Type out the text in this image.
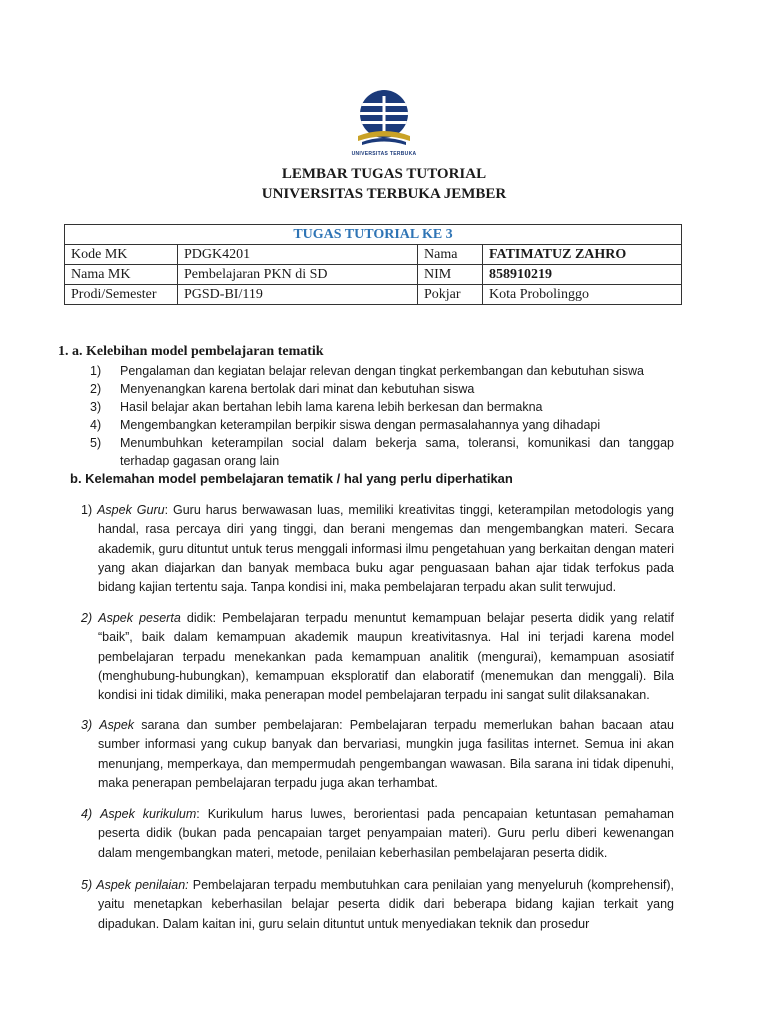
UNIVERSITAS TERBUKA
LEMBAR TUGAS TUTORIAL
UNIVERSITAS TERBUKA JEMBER
TUGAS TUTORIAL KE 3			
Kode MK	PDGK4201	Nama	FATIMATUZ ZAHRO
Nama MK	Pembelajaran PKN di SD	NIM	858910219
Prodi/Semester	PGSD-BI/119	Pokjar	Kota Probolinggo
1. a. Kelebihan model pembelajaran tematik
1) Pengalaman dan kegiatan belajar relevan dengan tingkat perkembangan dan kebutuhan siswa
2) Menyenangkan karena bertolak dari minat dan kebutuhan siswa
3) Hasil belajar akan bertahan lebih lama karena lebih berkesan dan bermakna
4) Mengembangkan keterampilan berpikir siswa dengan permasalahannya yang dihadapi
5) Menumbuhkan keterampilan social dalam bekerja sama, toleransi, komunikasi dan tanggap terhadap gagasan orang lain
b. Kelemahan model pembelajaran tematik / hal yang perlu diperhatikan
1) Aspek Guru: Guru harus berwawasan luas, memiliki kreativitas tinggi, keterampilan metodologis yang handal, rasa percaya diri yang tinggi, dan berani mengemas dan mengembangkan materi. Secara akademik, guru dituntut untuk terus menggali informasi ilmu pengetahuan yang berkaitan dengan materi yang akan diajarkan dan banyak membaca buku agar penguasaan bahan ajar tidak terfokus pada bidang kajian tertentu saja. Tanpa kondisi ini, maka pembelajaran terpadu akan sulit terwujud.
2) Aspek peserta didik: Pembelajaran terpadu menuntut kemampuan belajar peserta didik yang relatif “baik”, baik dalam kemampuan akademik maupun kreativitasnya. Hal ini terjadi karena model pembelajaran terpadu menekankan pada kemampuan analitik (mengurai), kemampuan asosiatif (menghubung-hubungkan), kemampuan eksploratif dan elaboratif (menemukan dan menggali). Bila kondisi ini tidak dimiliki, maka penerapan model pembelajaran terpadu ini sangat sulit dilaksanakan.
3) Aspek sarana dan sumber pembelajaran: Pembelajaran terpadu memerlukan bahan bacaan atau sumber informasi yang cukup banyak dan bervariasi, mungkin juga fasilitas internet. Semua ini akan menunjang, memperkaya, dan mempermudah pengembangan wawasan. Bila sarana ini tidak dipenuhi, maka penerapan pembelajaran terpadu juga akan terhambat.
4) Aspek kurikulum: Kurikulum harus luwes, berorientasi pada pencapaian ketuntasan pemahaman peserta didik (bukan pada pencapaian target penyampaian materi). Guru perlu diberi kewenangan dalam mengembangkan materi, metode, penilaian keberhasilan pembelajaran peserta didik.
5) Aspek penilaian: Pembelajaran terpadu membutuhkan cara penilaian yang menyeluruh (komprehensif), yaitu menetapkan keberhasilan belajar peserta didik dari beberapa bidang kajian terkait yang dipadukan. Dalam kaitan ini, guru selain dituntut untuk menyediakan teknik dan prosedur
